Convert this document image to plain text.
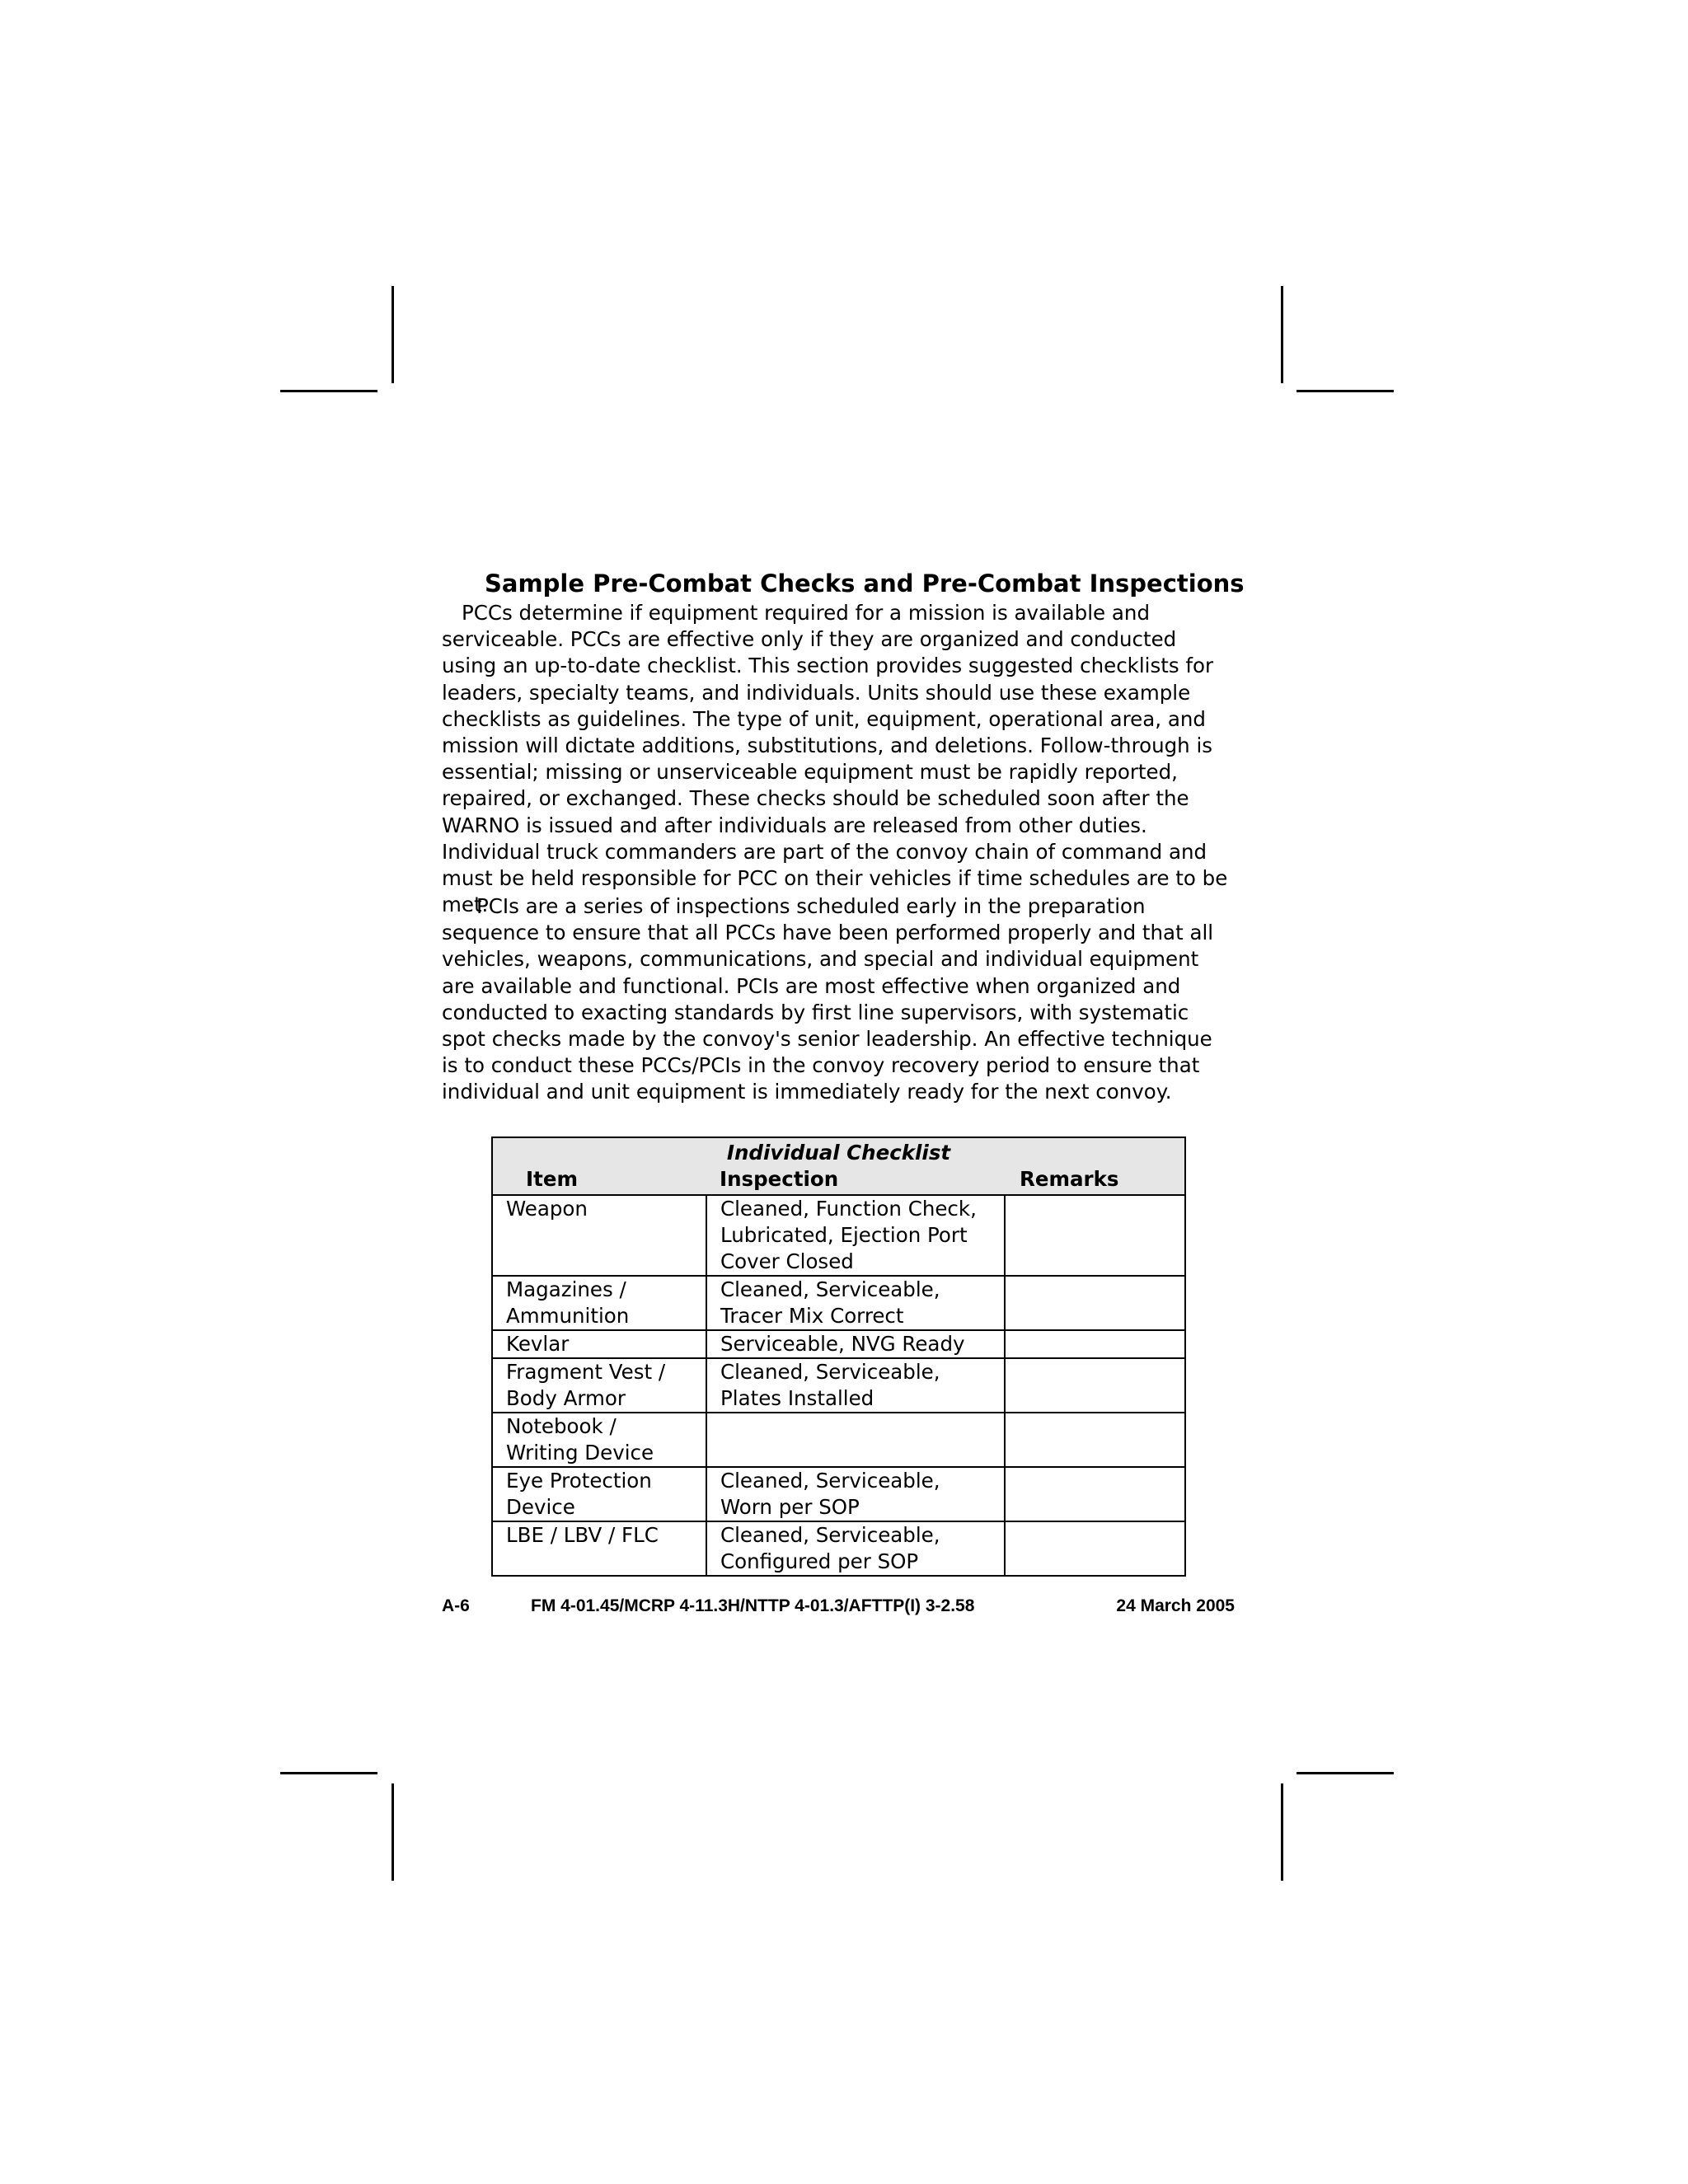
Sample Pre-Combat Checks and Pre-Combat Inspections

PCCs determine if equipment required for a mission is available and serviceable. PCCs are effective only if they are organized and conducted using an up-to-date checklist. This section provides suggested checklists for leaders, specialty teams, and individuals. Units should use these example checklists as guidelines. The type of unit, equipment, operational area, and mission will dictate additions, substitutions, and deletions. Follow-through is essential; missing or unserviceable equipment must be rapidly reported, repaired, or exchanged. These checks should be scheduled soon after the WARNO is issued and after individuals are released from other duties. Individual truck commanders are part of the convoy chain of command and must be held responsible for PCC on their vehicles if time schedules are to be met.

PCIs are a series of inspections scheduled early in the preparation sequence to ensure that all PCCs have been performed properly and that all vehicles, weapons, communications, and special and individual equipment are available and functional. PCIs are most effective when organized and conducted to exacting standards by first line supervisors, with systematic spot checks made by the convoy's senior leadership. An effective technique is to conduct these PCCs/PCIs in the convoy recovery period to ensure that individual and unit equipment is immediately ready for the next convoy.

Individual Checklist		
Item	Inspection	Remarks
Weapon	Cleaned, Function Check, Lubricated, Ejection Port Cover Closed	
Magazines / Ammunition	Cleaned, Serviceable, Tracer Mix Correct	
Kevlar	Serviceable, NVG Ready	
Fragment Vest / Body Armor	Cleaned, Serviceable, Plates Installed	
Notebook / Writing Device		
Eye Protection Device	Cleaned, Serviceable, Worn per SOP	
LBE / LBV / FLC	Cleaned, Serviceable, Configured per SOP	
A-6	FM 4-01.45/MCRP 4-11.3H/NTTP 4-01.3/AFTTP(I) 3-2.58	24 March 2005
